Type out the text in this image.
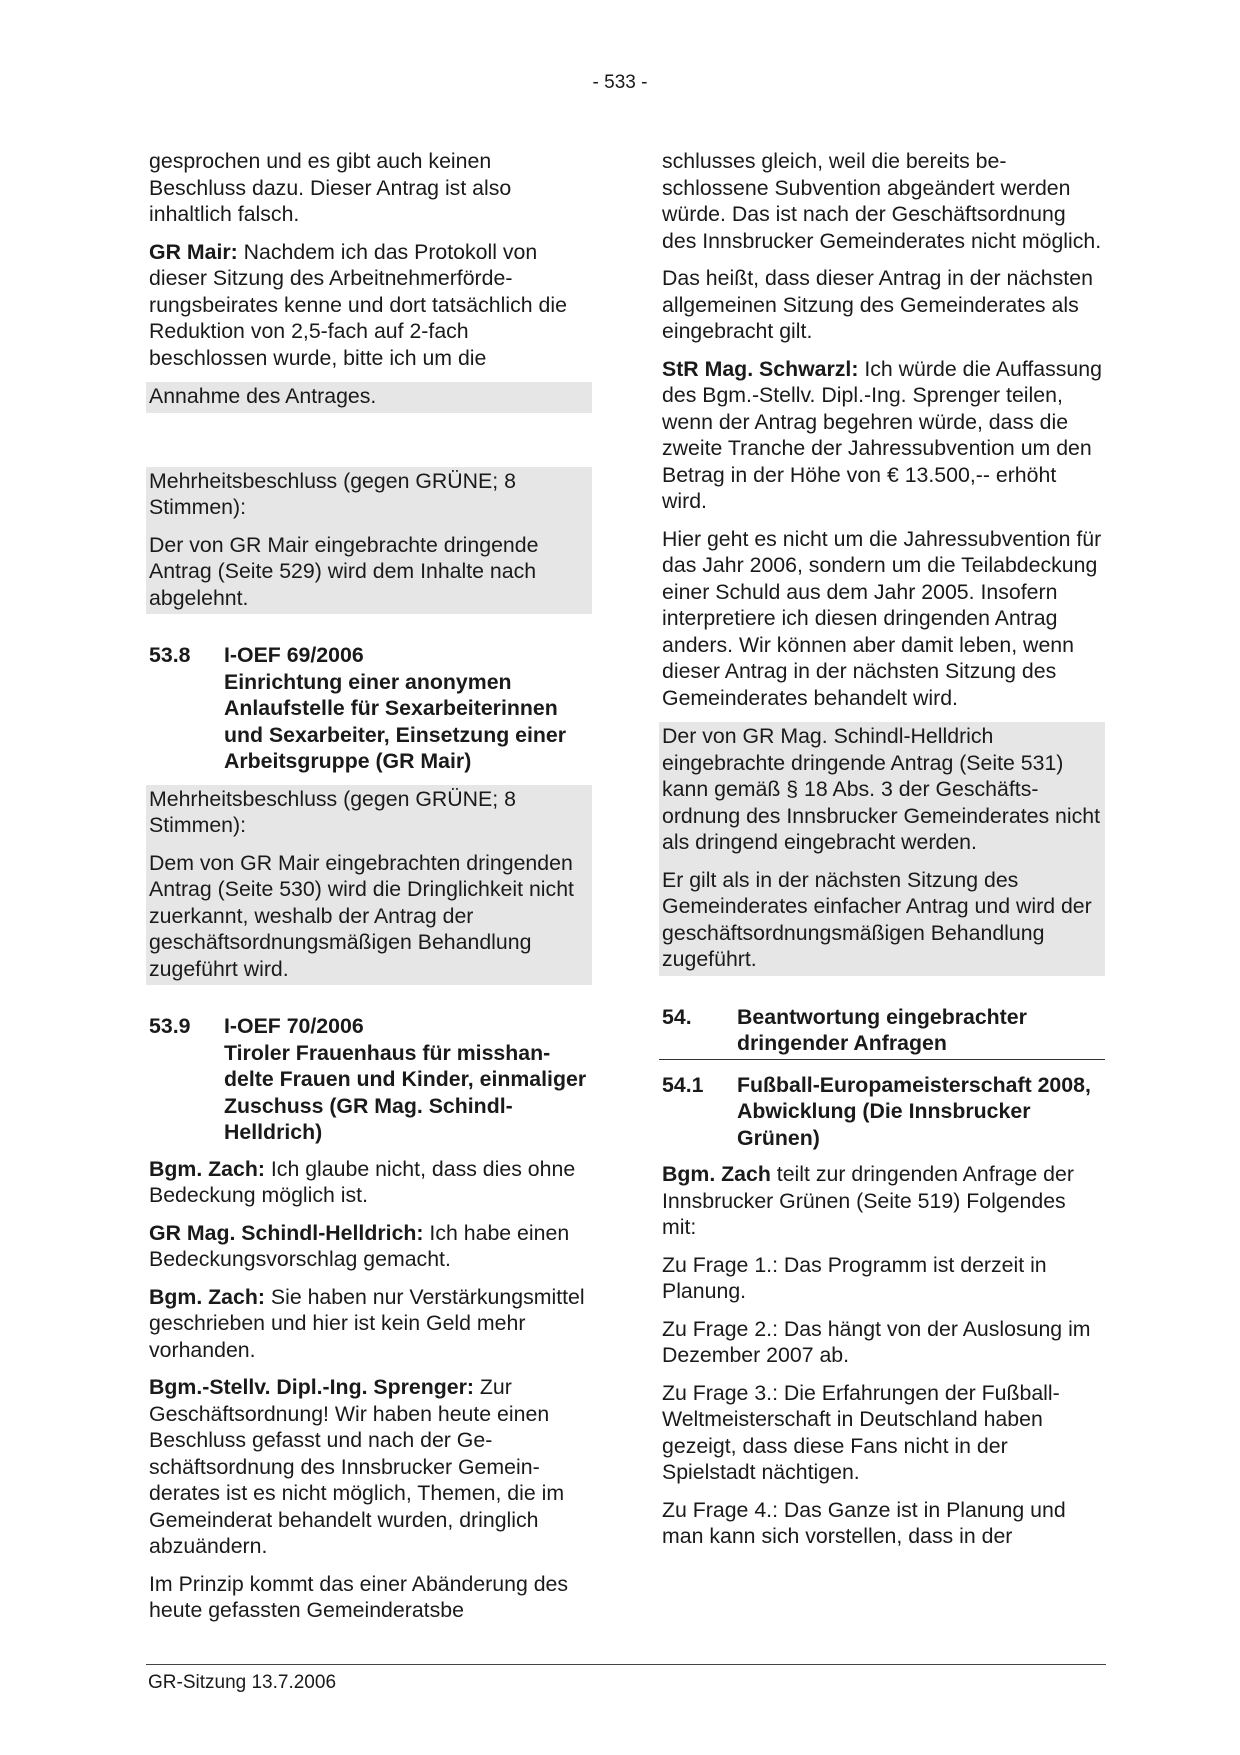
- 533 -

gesprochen und es gibt auch keinen Beschluss dazu. Dieser Antrag ist also inhaltlich falsch.

GR Mair: Nachdem ich das Protokoll von dieser Sitzung des Arbeitnehmerförderungsbeirates kenne und dort tatsächlich die Reduktion von 2,5-fach auf 2-fach beschlossen wurde, bitte ich um die

Annahme des Antrages.

Mehrheitsbeschluss (gegen GRÜNE; 8 Stimmen):

Der von GR Mair eingebrachte dringende Antrag (Seite 529) wird dem Inhalte nach abgelehnt.

53.8	I-OEF 69/2006
Einrichtung einer anonymen Anlaufstelle für Sexarbeiterinnen und Sexarbeiter, Einsetzung einer Arbeitsgruppe (GR Mair)

Mehrheitsbeschluss (gegen GRÜNE; 8 Stimmen):

Dem von GR Mair eingebrachten dringenden Antrag (Seite 530) wird die Dringlichkeit nicht zuerkannt, weshalb der Antrag der geschäftsordnungsmäßigen Behandlung zugeführt wird.

53.9	I-OEF 70/2006
Tiroler Frauenhaus für misshandelte Frauen und Kinder, einmaliger Zuschuss (GR Mag. Schindl-Helldrich)

Bgm. Zach: Ich glaube nicht, dass dies ohne Bedeckung möglich ist.

GR Mag. Schindl-Helldrich: Ich habe einen Bedeckungsvorschlag gemacht.

Bgm. Zach: Sie haben nur Verstärkungsmittel geschrieben und hier ist kein Geld mehr vorhanden.

Bgm.-Stellv. Dipl.-Ing. Sprenger: Zur Geschäftsordnung! Wir haben heute einen Beschluss gefasst und nach der Geschäftsordnung des Innsbrucker Gemeinderates ist es nicht möglich, Themen, die im Gemeinderat behandelt wurden, dringlich abzuändern.

Im Prinzip kommt das einer Abänderung des heute gefassten Gemeinderatsbe

schlusses gleich, weil die bereits beschlossene Subvention abgeändert werden würde. Das ist nach der Geschäftsordnung des Innsbrucker Gemeinderates nicht möglich.

Das heißt, dass dieser Antrag in der nächsten allgemeinen Sitzung des Gemeinderates als eingebracht gilt.

StR Mag. Schwarzl: Ich würde die Auffassung des Bgm.-Stellv. Dipl.-Ing. Sprenger teilen, wenn der Antrag begehren würde, dass die zweite Tranche der Jahressubvention um den Betrag in der Höhe von € 13.500,-- erhöht wird.

Hier geht es nicht um die Jahressubvention für das Jahr 2006, sondern um die Teilabdeckung einer Schuld aus dem Jahr 2005. Insofern interpretiere ich diesen dringenden Antrag anders. Wir können aber damit leben, wenn dieser Antrag in der nächsten Sitzung des Gemeinderates behandelt wird.

Der von GR Mag. Schindl-Helldrich eingebrachte dringende Antrag (Seite 531) kann gemäß § 18 Abs. 3 der Geschäftsordnung des Innsbrucker Gemeinderates nicht als dringend eingebracht werden.

Er gilt als in der nächsten Sitzung des Gemeinderates einfacher Antrag und wird der geschäftsordnungsmäßigen Behandlung zugeführt.

54.	Beantwortung eingebrachter dringender Anfragen
54.1	Fußball-Europameisterschaft 2008, Abwicklung (Die Innsbrucker Grünen)

Bgm. Zach teilt zur dringenden Anfrage der Innsbrucker Grünen (Seite 519) Folgendes mit:

Zu Frage 1.: Das Programm ist derzeit in Planung.

Zu Frage 2.: Das hängt von der Auslosung im Dezember 2007 ab.

Zu Frage 3.: Die Erfahrungen der Fußball-Weltmeisterschaft in Deutschland haben gezeigt, dass diese Fans nicht in der Spielstadt nächtigen.

Zu Frage 4.: Das Ganze ist in Planung und man kann sich vorstellen, dass in der

GR-Sitzung 13.7.2006
